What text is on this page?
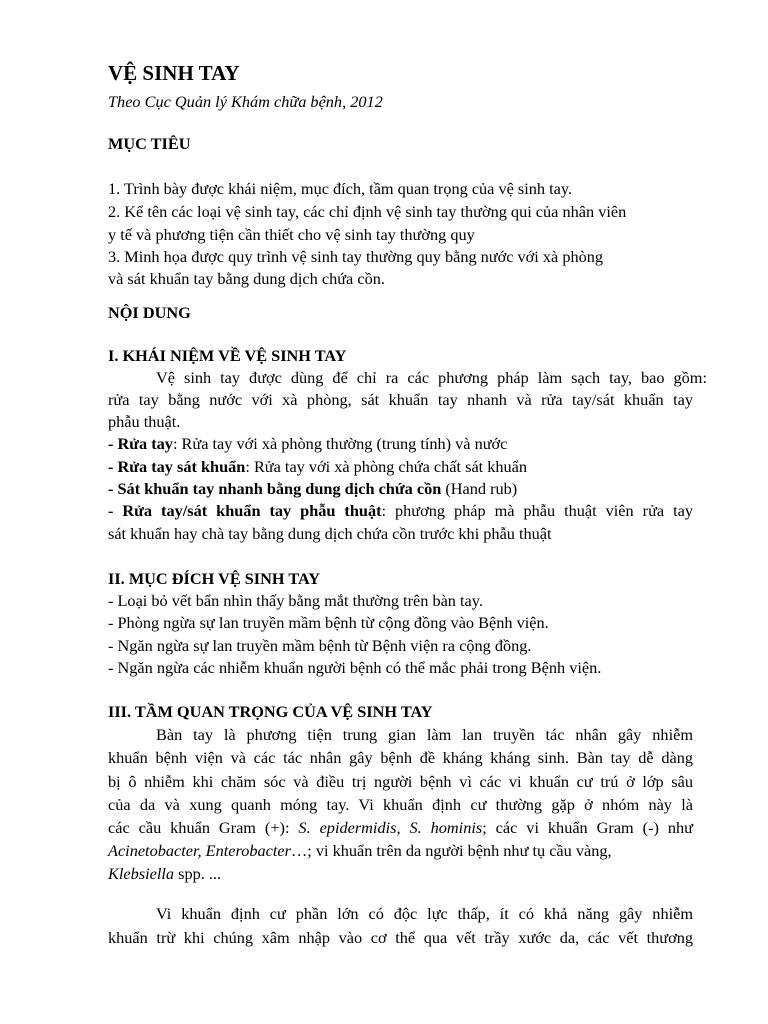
VỆ SINH TAY
Theo Cục Quản lý Khám chữa bệnh, 2012
MỤC TIÊU
1. Trình bày được khái niệm, mục đích, tầm quan trọng của vệ sinh tay.
2. Kể tên các loại vệ sinh tay, các chỉ định vệ sinh tay thường qui của nhân viên
y tế và phương tiện cần thiết cho vệ sinh tay thường quy
3. Minh họa được quy trình vệ sinh tay thường quy bằng nước với xà phòng
và sát khuẩn tay bằng dung dịch chứa cồn.
NỘI DUNG
I. KHÁI NIỆM VỀ VỆ SINH TAY
Vệ sinh tay được dùng để chỉ ra các phương pháp làm sạch tay, bao gồm:
rửa tay bằng nước với xà phòng, sát khuẩn tay nhanh và rửa tay/sát khuẩn tay
phẫu thuật.
- Rửa tay: Rửa tay với xà phòng thường (trung tính) và nước
- Rửa tay sát khuẩn: Rửa tay với xà phòng chứa chất sát khuẩn
- Sát khuẩn tay nhanh bằng dung dịch chứa cồn (Hand rub)
- Rửa tay/sát khuẩn tay phẫu thuật: phương pháp mà phẫu thuật viên rửa tay
sát khuẩn hay chà tay bằng dung dịch chứa cồn trước khi phẫu thuật
II. MỤC ĐÍCH VỆ SINH TAY
- Loại bỏ vết bẩn nhìn thấy bằng mắt thường trên bàn tay.
- Phòng ngừa sự lan truyền mầm bệnh từ cộng đồng vào Bệnh viện.
- Ngăn ngừa sự lan truyền mầm bệnh từ Bệnh viện ra cộng đồng.
- Ngăn ngừa các nhiễm khuẩn người bệnh có thể mắc phải trong Bệnh viện.
III. TẦM QUAN TRỌNG CỦA VỆ SINH TAY
Bàn tay là phương tiện trung gian làm lan truyền tác nhân gây nhiễm
khuẩn bệnh viện và các tác nhân gây bệnh đề kháng kháng sinh. Bàn tay dễ dàng
bị ô nhiễm khi chăm sóc và điều trị người bệnh vì các vi khuẩn cư trú ở lớp sâu
của da và xung quanh móng tay. Vi khuẩn định cư thường gặp ở nhóm này là
các cầu khuẩn Gram (+): S. epidermidis, S. hominis; các vi khuẩn Gram (-) như
Acinetobacter, Enterobacter…; vi khuẩn trên da người bệnh như tụ cầu vàng,
Klebsiella spp. ...
Vi khuẩn định cư phần lớn có độc lực thấp, ít có khả năng gây nhiễm
khuẩn trừ khi chúng xâm nhập vào cơ thể qua vết trầy xước da, các vết thương
